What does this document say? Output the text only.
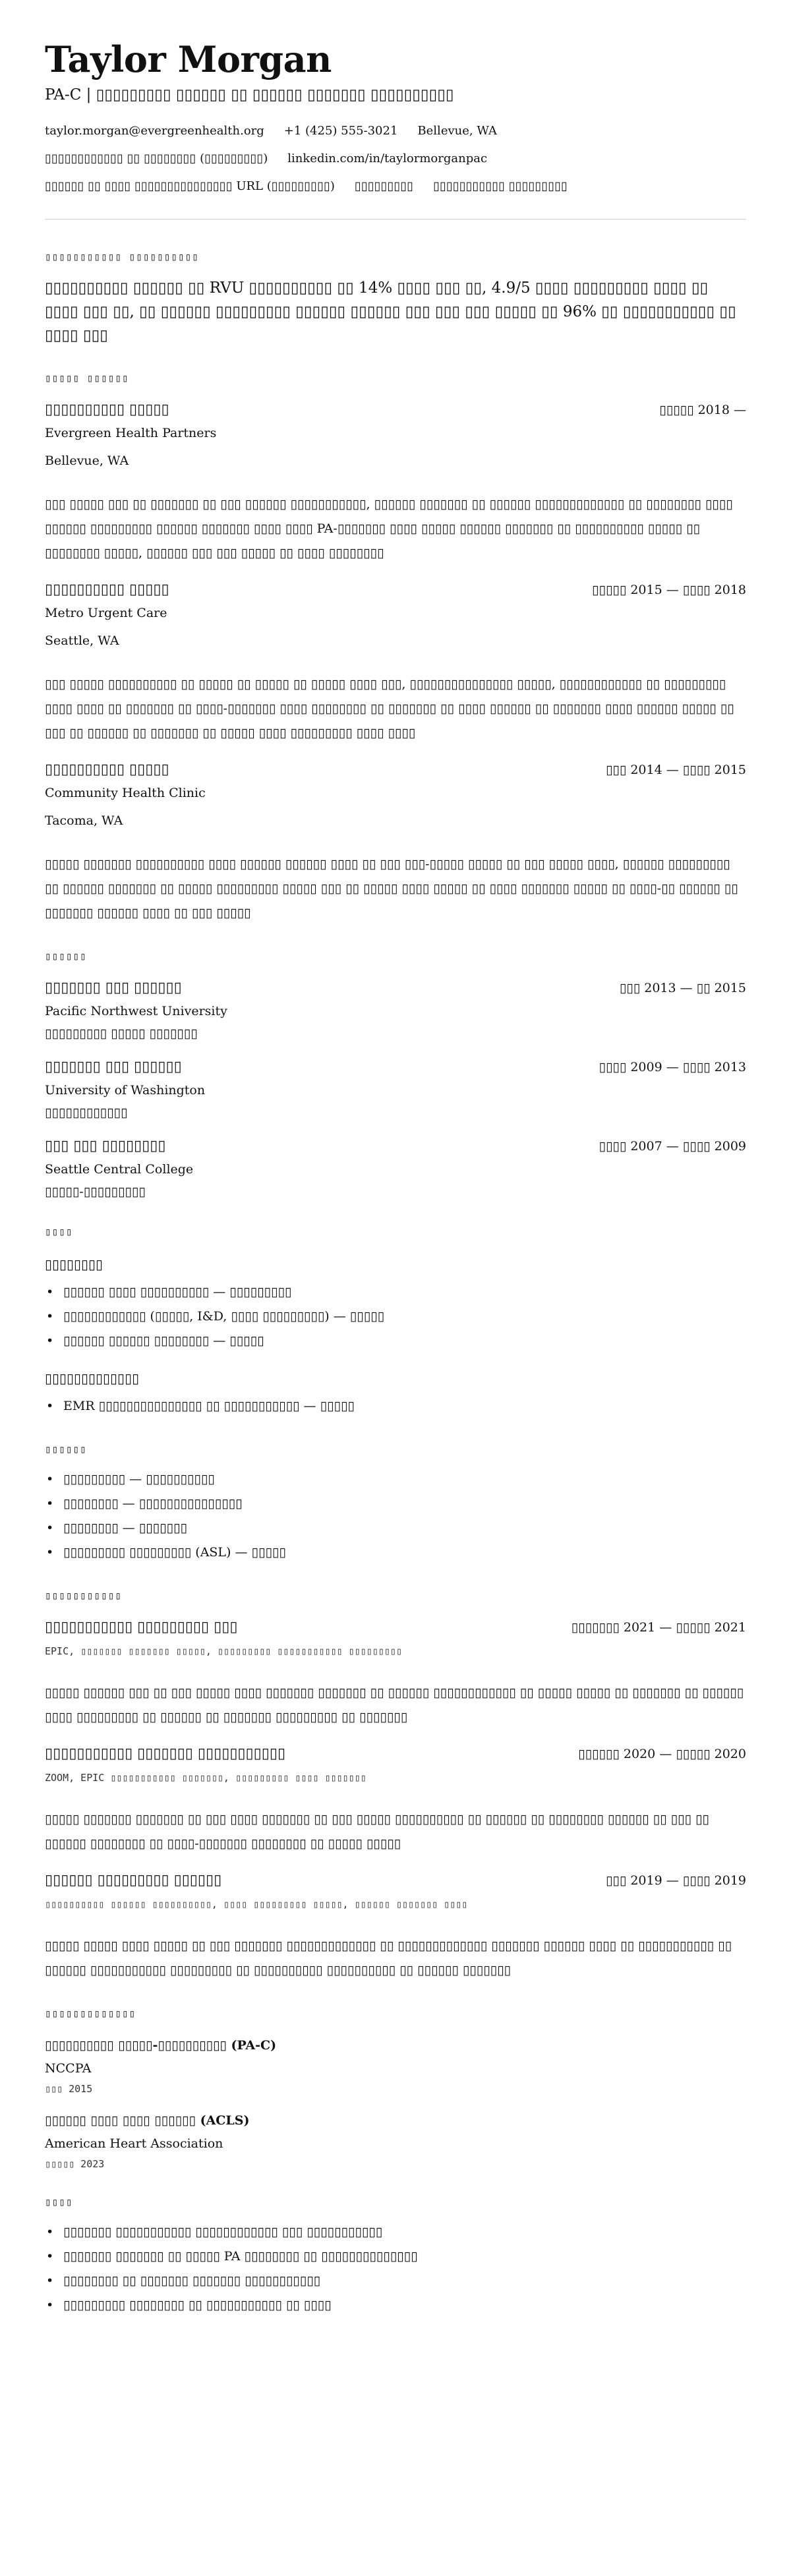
Taylor Morgan
PA-C | ▯▯▯▯▯▯▯▯▯ ▯▯▯▯▯▯ ▯▯ ▯▯▯▯▯▯ ▯▯▯▯▯▯▯ ▯▯▯▯▯▯▯▯▯▯
taylor.morgan@evergreenhealth.org +1 (425) 555-3021 Bellevue, WA
▯▯▯▯▯▯▯▯▯▯▯▯ ▯▯ ▯▯▯▯▯▯▯▯ (▯▯▯▯▯▯▯▯▯) linkedin.com/in/taylormorganpac
▯▯▯▯▯▯ ▯▯ ▯▯▯▯ ▯▯▯▯▯▯▯▯▯▯▯▯▯▯▯ URL (▯▯▯▯▯▯▯▯▯) ▯▯▯▯▯▯▯▯▯ ▯▯▯▯▯▯▯▯▯▯▯ ▯▯▯▯▯▯▯▯▯
▯▯▯▯▯▯▯▯▯▯▯ ▯▯▯▯▯▯▯▯▯▯
▯▯▯▯▯▯▯▯▯▯ ▯▯▯▯▯▯ ▯▯ RVU ▯▯▯▯▯▯▯▯▯▯ ▯▯ 14% ▯▯▯▯ ▯▯▯ ▯▯, 4.9/5 ▯▯▯▯ ▯▯▯▯▯▯▯▯▯ ▯▯▯▯ ▯▯ ▯▯▯▯ ▯▯▯ ▯▯, ▯▯ ▯▯▯▯▯▯ ▯▯▯▯▯▯▯▯▯ ▯▯▯▯▯▯ ▯▯▯▯▯▯ ▯▯▯ ▯▯▯ ▯▯▯ ▯▯▯▯▯ ▯▯ 96% ▯▯ ▯▯▯▯▯▯▯▯▯▯▯ ▯▯ ▯▯▯▯ ▯▯▯
▯▯▯▯▯ ▯▯▯▯▯▯
▯▯▯▯▯▯▯▯▯▯ ▯▯▯▯▯	▯▯▯▯▯ 2018 —
Evergreen Health Partners
Bellevue, WA
▯▯▯ ▯▯▯▯▯ ▯▯▯ ▯▯ ▯▯▯▯▯▯▯ ▯▯ ▯▯▯ ▯▯▯▯▯▯ ▯▯▯▯▯▯▯▯▯▯▯, ▯▯▯▯▯▯ ▯▯▯▯▯▯▯ ▯▯ ▯▯▯▯▯▯ ▯▯▯▯▯▯▯▯▯▯▯▯▯ ▯▯ ▯▯▯▯▯▯▯▯ ▯▯▯▯ ▯▯▯▯▯▯ ▯▯▯▯▯▯▯▯▯ ▯▯▯▯▯▯ ▯▯▯▯▯▯▯ ▯▯▯▯ ▯▯▯▯ PA-▯▯▯▯▯▯▯ ▯▯▯▯ ▯▯▯▯▯ ▯▯▯▯▯▯ ▯▯▯▯▯▯▯ ▯▯ ▯▯▯▯▯▯▯▯▯▯ ▯▯▯▯▯ ▯▯ ▯▯▯▯▯▯▯▯ ▯▯▯▯▯, ▯▯▯▯▯▯ ▯▯▯ ▯▯▯ ▯▯▯▯▯ ▯▯ ▯▯▯▯ ▯▯▯▯▯▯▯▯
▯▯▯▯▯▯▯▯▯▯ ▯▯▯▯▯	▯▯▯▯▯ 2015 — ▯▯▯▯ 2018
Metro Urgent Care
Seattle, WA
▯▯▯ ▯▯▯▯▯ ▯▯▯▯▯▯▯▯▯▯ ▯▯ ▯▯▯▯▯ ▯▯ ▯▯▯▯▯ ▯▯ ▯▯▯▯▯ ▯▯▯▯ ▯▯▯, ▯▯▯▯▯▯▯▯▯▯▯▯▯▯▯ ▯▯▯▯▯, ▯▯▯▯▯▯▯▯▯▯▯▯ ▯▯ ▯▯▯▯▯▯▯▯▯ ▯▯▯▯ ▯▯▯▯ ▯▯ ▯▯▯▯▯▯▯ ▯▯ ▯▯▯▯-▯▯▯▯▯▯▯ ▯▯▯▯ ▯▯▯▯▯▯▯▯ ▯▯ ▯▯▯▯▯▯▯ ▯▯ ▯▯▯▯ ▯▯▯▯▯▯ ▯▯ ▯▯▯▯▯▯▯ ▯▯▯▯ ▯▯▯▯▯▯ ▯▯▯▯▯ ▯▯ ▯▯▯ ▯▯ ▯▯▯▯▯▯ ▯▯ ▯▯▯▯▯▯▯ ▯▯ ▯▯▯▯▯ ▯▯▯▯ ▯▯▯▯▯▯▯▯▯ ▯▯▯▯ ▯▯▯▯
▯▯▯▯▯▯▯▯▯▯ ▯▯▯▯▯	▯▯▯ 2014 — ▯▯▯▯ 2015
Community Health Clinic
Tacoma, WA
▯▯▯▯▯ ▯▯▯▯▯▯▯ ▯▯▯▯▯▯▯▯▯▯ ▯▯▯▯ ▯▯▯▯▯▯ ▯▯▯▯▯▯ ▯▯▯▯ ▯▯ ▯▯▯ ▯▯▯-▯▯▯▯▯ ▯▯▯▯▯ ▯▯ ▯▯▯ ▯▯▯▯▯ ▯▯▯▯, ▯▯▯▯▯▯ ▯▯▯▯▯▯▯▯▯ ▯▯ ▯▯▯▯▯▯ ▯▯▯▯▯▯▯ ▯▯ ▯▯▯▯▯ ▯▯▯▯▯▯▯▯▯ ▯▯▯▯▯ ▯▯▯ ▯▯ ▯▯▯▯▯ ▯▯▯▯ ▯▯▯▯▯ ▯▯ ▯▯▯▯ ▯▯▯▯▯▯▯ ▯▯▯▯▯ ▯▯ ▯▯▯▯-▯▯ ▯▯▯▯▯▯ ▯▯ ▯▯▯▯▯▯▯ ▯▯▯▯▯▯ ▯▯▯▯ ▯▯ ▯▯▯ ▯▯▯▯▯
▯▯▯▯▯▯
▯▯▯▯▯▯▯ ▯▯▯ ▯▯▯▯▯▯	▯▯▯ 2013 — ▯▯ 2015
Pacific Northwest University
▯▯▯▯▯▯▯▯▯ ▯▯▯▯▯ ▯▯▯▯▯▯▯
▯▯▯▯▯▯▯ ▯▯▯ ▯▯▯▯▯▯	▯▯▯▯ 2009 — ▯▯▯▯ 2013
University of Washington
▯▯▯▯▯▯▯▯▯▯▯▯
▯▯▯ ▯▯▯ ▯▯▯▯▯▯▯▯	▯▯▯▯ 2007 — ▯▯▯▯ 2009
Seattle Central College
▯▯▯▯▯-▯▯▯▯▯▯▯▯▯
▯▯▯▯
▯▯▯▯▯▯▯▯
• ▯▯▯▯▯▯ ▯▯▯▯ ▯▯▯▯▯▯▯▯▯▯ — ▯▯▯▯▯▯▯▯▯
• ▯▯▯▯▯▯▯▯▯▯▯▯ (▯▯▯▯▯, I&D, ▯▯▯▯ ▯▯▯▯▯▯▯▯▯) — ▯▯▯▯▯
• ▯▯▯▯▯▯ ▯▯▯▯▯▯ ▯▯▯▯▯▯▯▯ — ▯▯▯▯▯
▯▯▯▯▯▯▯▯▯▯▯▯▯
• EMR ▯▯▯▯▯▯▯▯▯▯▯▯▯▯▯ ▯▯ ▯▯▯▯▯▯▯▯▯▯▯ — ▯▯▯▯▯
▯▯▯▯▯▯
• ▯▯▯▯▯▯▯▯▯ — ▯▯▯▯▯▯▯▯▯▯
• ▯▯▯▯▯▯▯▯ — ▯▯▯▯▯▯▯▯▯▯▯▯▯▯▯
• ▯▯▯▯▯▯▯▯ — ▯▯▯▯▯▯▯
• ▯▯▯▯▯▯▯▯▯ ▯▯▯▯▯▯▯▯▯ (ASL) — ▯▯▯▯▯
▯▯▯▯▯▯▯▯▯▯▯
▯▯▯▯▯▯▯▯▯▯▯ ▯▯▯▯▯▯▯▯▯ ▯▯▯	▯▯▯▯▯▯▯ 2021 — ▯▯▯▯▯ 2021
EPIC, ▯▯▯▯▯▯▯ ▯▯▯▯▯▯▯ ▯▯▯▯▯, ▯▯▯▯▯▯▯▯▯ ▯▯▯▯▯▯▯▯▯▯▯ ▯▯▯▯▯▯▯▯▯
▯▯▯▯▯ ▯▯▯▯▯▯ ▯▯▯ ▯▯ ▯▯▯ ▯▯▯▯▯ ▯▯▯▯ ▯▯▯▯▯▯▯ ▯▯▯▯▯▯▯ ▯▯ ▯▯▯▯▯▯ ▯▯▯▯▯▯▯▯▯▯▯▯ ▯▯ ▯▯▯▯▯ ▯▯▯▯▯ ▯▯ ▯▯▯▯▯▯▯ ▯▯ ▯▯▯▯▯▯ ▯▯▯▯ ▯▯▯▯▯▯▯▯▯ ▯▯ ▯▯▯▯▯▯ ▯▯ ▯▯▯▯▯▯▯ ▯▯▯▯▯▯▯▯▯ ▯▯ ▯▯▯▯▯▯▯
▯▯▯▯▯▯▯▯▯▯▯ ▯▯▯▯▯▯▯ ▯▯▯▯▯▯▯▯▯▯▯	▯▯▯▯▯▯ 2020 — ▯▯▯▯▯ 2020
ZOOM, EPIC ▯▯▯▯▯▯▯▯▯▯▯ ▯▯▯▯▯▯▯, ▯▯▯▯▯▯▯▯▯ ▯▯▯▯ ▯▯▯▯▯▯▯
▯▯▯▯▯ ▯▯▯▯▯▯▯ ▯▯▯▯▯▯▯ ▯▯ ▯▯▯ ▯▯▯▯ ▯▯▯▯▯▯▯ ▯▯ ▯▯▯ ▯▯▯▯▯ ▯▯▯▯▯▯▯▯▯▯ ▯▯ ▯▯▯▯▯▯ ▯▯ ▯▯▯▯▯▯▯▯ ▯▯▯▯▯▯ ▯▯ ▯▯▯ ▯▯ ▯▯▯▯▯▯ ▯▯▯▯▯▯▯▯ ▯▯ ▯▯▯▯-▯▯▯▯▯▯▯ ▯▯▯▯▯▯▯▯ ▯▯ ▯▯▯▯▯ ▯▯▯▯▯
▯▯▯▯▯▯ ▯▯▯▯▯▯▯▯▯ ▯▯▯▯▯▯	▯▯▯ 2019 — ▯▯▯▯ 2019
▯▯▯▯▯▯▯▯▯▯ ▯▯▯▯▯▯ ▯▯▯▯▯▯▯▯▯▯, ▯▯▯▯ ▯▯▯▯▯▯▯▯▯ ▯▯▯▯▯, ▯▯▯▯▯▯ ▯▯▯▯▯▯▯ ▯▯▯▯
▯▯▯▯▯ ▯▯▯▯▯ ▯▯▯▯ ▯▯▯▯▯ ▯▯ ▯▯▯ ▯▯▯▯▯▯▯ ▯▯▯▯▯▯▯▯▯▯▯▯▯ ▯▯ ▯▯▯▯▯▯▯▯▯▯▯▯▯ ▯▯▯▯▯▯▯ ▯▯▯▯▯▯ ▯▯▯▯ ▯▯ ▯▯▯▯▯▯▯▯▯▯▯ ▯▯ ▯▯▯▯▯▯ ▯▯▯▯▯▯▯▯▯▯▯ ▯▯▯▯▯▯▯▯▯ ▯▯ ▯▯▯▯▯▯▯▯▯▯ ▯▯▯▯▯▯▯▯▯▯ ▯▯ ▯▯▯▯▯▯ ▯▯▯▯▯▯▯
▯▯▯▯▯▯▯▯▯▯▯▯▯
▯▯▯▯▯▯▯▯▯▯ ▯▯▯▯▯-▯▯▯▯▯▯▯▯▯▯ (PA-C)
NCCPA
▯▯▯ 2015
▯▯▯▯▯▯ ▯▯▯▯ ▯▯▯▯ ▯▯▯▯▯▯ (ACLS)
American Heart Association
▯▯▯▯▯ 2023
▯▯▯▯
• ▯▯▯▯▯▯▯ ▯▯▯▯▯▯▯▯▯▯▯ ▯▯▯▯▯▯▯▯▯▯▯▯ ▯▯▯ ▯▯▯▯▯▯▯▯▯▯▯
• ▯▯▯▯▯▯▯ ▯▯▯▯▯▯▯ ▯▯ ▯▯▯▯▯ PA ▯▯▯▯▯▯▯▯ ▯▯ ▯▯▯▯▯▯▯▯▯▯▯▯▯▯
• ▯▯▯▯▯▯▯▯ ▯▯ ▯▯▯▯▯▯▯ ▯▯▯▯▯▯▯ ▯▯▯▯▯▯▯▯▯▯▯
• ▯▯▯▯▯▯▯▯▯ ▯▯▯▯▯▯▯▯ ▯▯ ▯▯▯▯▯▯▯▯▯▯▯ ▯▯ ▯▯▯▯
